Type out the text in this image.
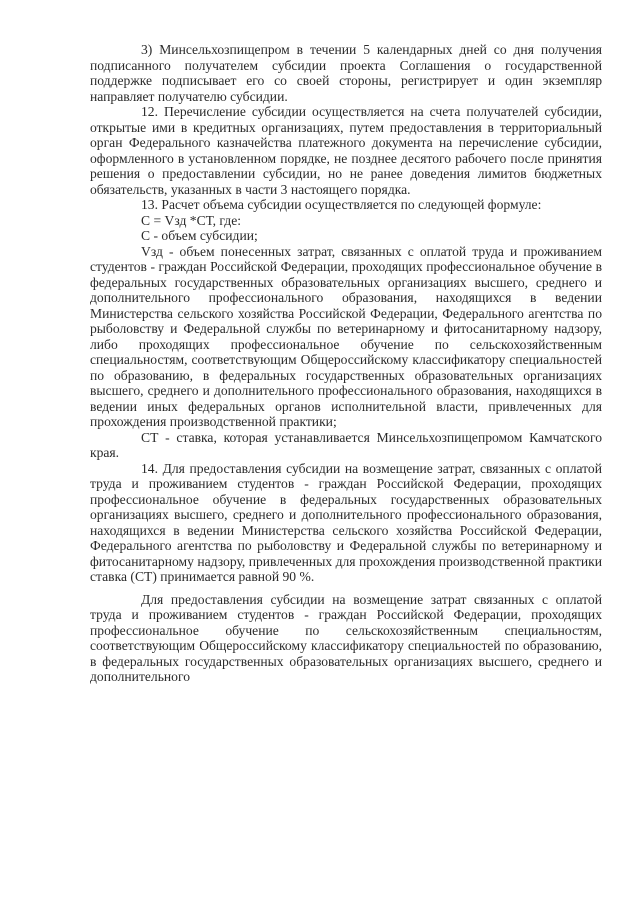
3) Минсельхозпищепром в течении 5 календарных дней со дня получения подписанного получателем субсидии проекта Соглашения о государственной поддержке подписывает его со своей стороны, регистрирует и один экземпляр направляет получателю субсидии.

12. Перечисление субсидии осуществляется на счета получателей субсидии, открытые ими в кредитных организациях, путем предоставления в территориальный орган Федерального казначейства платежного документа на перечисление субсидии, оформленного в установленном порядке, не позднее десятого рабочего после принятия решения о предоставлении субсидии, но не ранее доведения лимитов бюджетных обязательств, указанных в части 3 настоящего порядка.

13. Расчет объема субсидии осуществляется по следующей формуле:

С = Vзд *СТ, где:

С - объем субсидии;

Vзд - объем понесенных затрат, связанных с оплатой труда и проживанием студентов - граждан Российской Федерации, проходящих профессиональное обучение в федеральных государственных образовательных организациях высшего, среднего и дополнительного профессионального образования, находящихся в ведении Министерства сельского хозяйства Российской Федерации, Федерального агентства по рыболовству и Федеральной службы по ветеринарному и фитосанитарному надзору, либо проходящих профессиональное обучение по сельскохозяйственным специальностям, соответствующим Общероссийскому классификатору специальностей по образованию, в федеральных государственных образовательных организациях высшего, среднего и дополнительного профессионального образования, находящихся в ведении иных федеральных органов исполнительной власти, привлеченных для прохождения производственной практики;

СТ - ставка, которая устанавливается Минсельхозпищепромом Камчатского края.

14. Для предоставления субсидии на возмещение затрат, связанных с оплатой труда и проживанием студентов - граждан Российской Федерации, проходящих профессиональное обучение в федеральных государственных образовательных организациях высшего, среднего и дополнительного профессионального образования, находящихся в ведении Министерства сельского хозяйства Российской Федерации, Федерального агентства по рыболовству и Федеральной службы по ветеринарному и фитосанитарному надзору, привлеченных для прохождения производственной практики ставка (СТ) принимается равной 90 %.

Для предоставления субсидии на возмещение затрат связанных с оплатой труда и проживанием студентов - граждан Российской Федерации, проходящих профессиональное обучение по сельскохозяйственным специальностям, соответствующим Общероссийскому классификатору специальностей по образованию, в федеральных государственных образовательных организациях высшего, среднего и дополнительного
